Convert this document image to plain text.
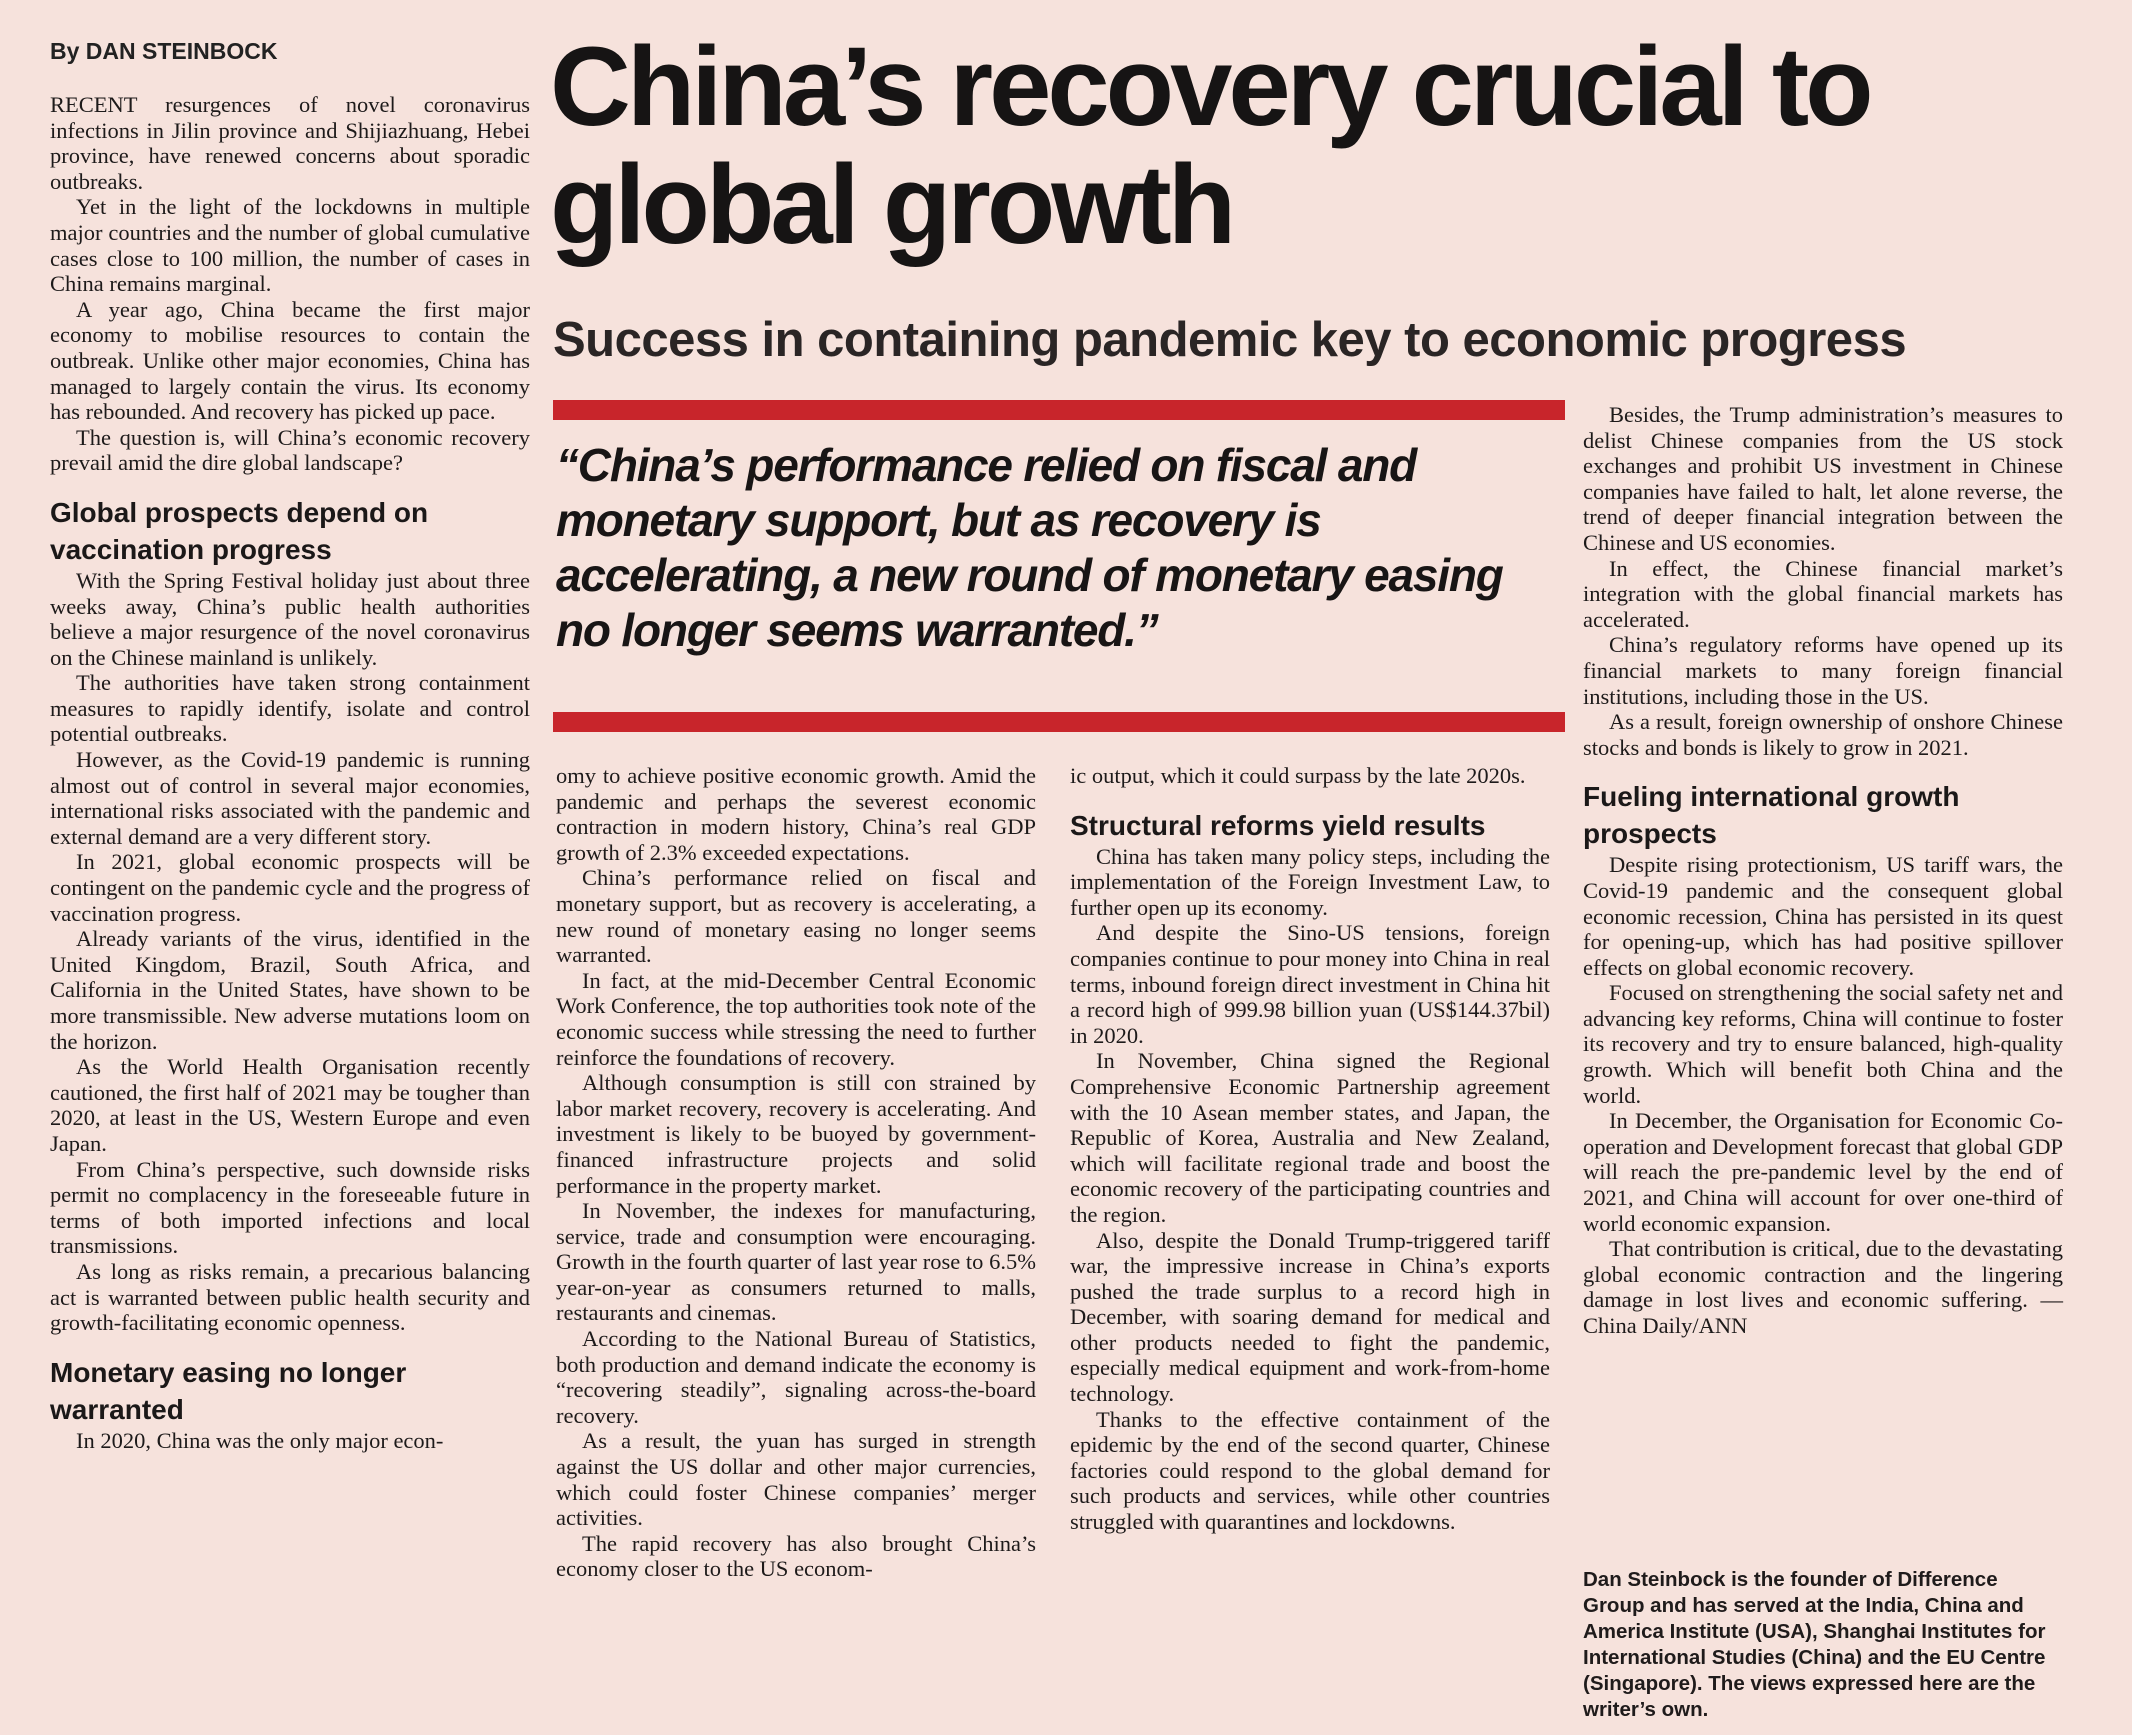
By DAN STEINBOCK China’s recovery crucial to global growth
Success in containing pandemic key to economic progress

“China’s performance relied on fiscal and monetary support, but as recovery is accelerating, a new round of monetary easing no longer seems warranted.”

RECENT resurgences of novel coronavirus infections in Jilin province and Shijiazhuang, Hebei province, have renewed concerns about sporadic outbreaks.

Yet in the light of the lockdowns in multiple major countries and the number of global cumulative cases close to 100 million, the number of cases in China remains marginal.

A year ago, China became the first major economy to mobilise resources to contain the outbreak. Unlike other major economies, China has managed to largely contain the virus. Its economy has rebounded. And recovery has picked up pace.

The question is, will China’s economic recovery prevail amid the dire global landscape?

Global prospects depend on vaccination progress

With the Spring Festival holiday just about three weeks away, China’s public health authorities believe a major resurgence of the novel coronavirus on the Chinese mainland is unlikely.

The authorities have taken strong containment measures to rapidly identify, isolate and control potential outbreaks.

However, as the Covid-19 pandemic is running almost out of control in several major economies, international risks associated with the pandemic and external demand are a very different story.

In 2021, global economic prospects will be contingent on the pandemic cycle and the progress of vaccination progress.

Already variants of the virus, identified in the United Kingdom, Brazil, South Africa, and California in the United States, have shown to be more transmissible. New adverse mutations loom on the horizon.

As the World Health Organisation recently cautioned, the first half of 2021 may be tougher than 2020, at least in the US, Western Europe and even Japan.

From China’s perspective, such downside risks permit no complacency in the foreseeable future in terms of both imported infections and local transmissions.

As long as risks remain, a precarious balancing act is warranted between public health security and growth-facilitating economic openness.

Monetary easing no longer warranted

In 2020, China was the only major econ-

omy to achieve positive economic growth. Amid the pandemic and perhaps the severest economic contraction in modern history, China’s real GDP growth of 2.3% exceeded expectations.

China’s performance relied on fiscal and monetary support, but as recovery is accelerating, a new round of monetary easing no longer seems warranted.

In fact, at the mid-December Central Economic Work Conference, the top authorities took note of the economic success while stressing the need to further reinforce the foundations of recovery.

Although consumption is still con strained by labor market recovery, recovery is accelerating. And investment is likely to be buoyed by government-financed infrastructure projects and solid performance in the property market.

In November, the indexes for manufacturing, service, trade and consumption were encouraging. Growth in the fourth quarter of last year rose to 6.5% year-on-year as consumers returned to malls, restaurants and cinemas.

According to the National Bureau of Statistics, both production and demand indicate the economy is “recovering steadily”, signaling across-the-board recovery.

As a result, the yuan has surged in strength against the US dollar and other major currencies, which could foster Chinese companies’ merger activities.

The rapid recovery has also brought China’s economy closer to the US econom-

ic output, which it could surpass by the late 2020s.

Structural reforms yield results

China has taken many policy steps, including the implementation of the Foreign Investment Law, to further open up its economy.

And despite the Sino-US tensions, foreign companies continue to pour money into China in real terms, inbound foreign direct investment in China hit a record high of 999.98 billion yuan (US$144.37bil) in 2020.

In November, China signed the Regional Comprehensive Economic Partnership agreement with the 10 Asean member states, and Japan, the Republic of Korea, Australia and New Zealand, which will facilitate regional trade and boost the economic recovery of the participating countries and the region.

Also, despite the Donald Trump-triggered tariff war, the impressive increase in China’s exports pushed the trade surplus to a record high in December, with soaring demand for medical and other products needed to fight the pandemic, especially medical equipment and work-from-home technology.

Thanks to the effective containment of the epidemic by the end of the second quarter, Chinese factories could respond to the global demand for such products and services, while other countries struggled with quarantines and lockdowns.

Besides, the Trump administration’s measures to delist Chinese companies from the US stock exchanges and prohibit US investment in Chinese companies have failed to halt, let alone reverse, the trend of deeper financial integration between the Chinese and US economies.

In effect, the Chinese financial market’s integration with the global financial markets has accelerated.

China’s regulatory reforms have opened up its financial markets to many foreign financial institutions, including those in the US.

As a result, foreign ownership of onshore Chinese stocks and bonds is likely to grow in 2021.

Fueling international growth prospects

Despite rising protectionism, US tariff wars, the Covid-19 pandemic and the consequent global economic recession, China has persisted in its quest for opening-up, which has had positive spillover effects on global economic recovery.

Focused on strengthening the social safety net and advancing key reforms, China will continue to foster its recovery and try to ensure balanced, high-quality growth. Which will benefit both China and the world.

In December, the Organisation for Economic Co-operation and Development forecast that global GDP will reach the pre-pandemic level by the end of 2021, and China will account for over one-third of world economic expansion.

That contribution is critical, due to the devastating global economic contraction and the lingering damage in lost lives and economic suffering. — China Daily/ANN

Dan Steinbock is the founder of Difference Group and has served at the India, China and America Institute (USA), Shanghai Institutes for International Studies (China) and the EU Centre (Singapore). The views expressed here are the writer’s own.
